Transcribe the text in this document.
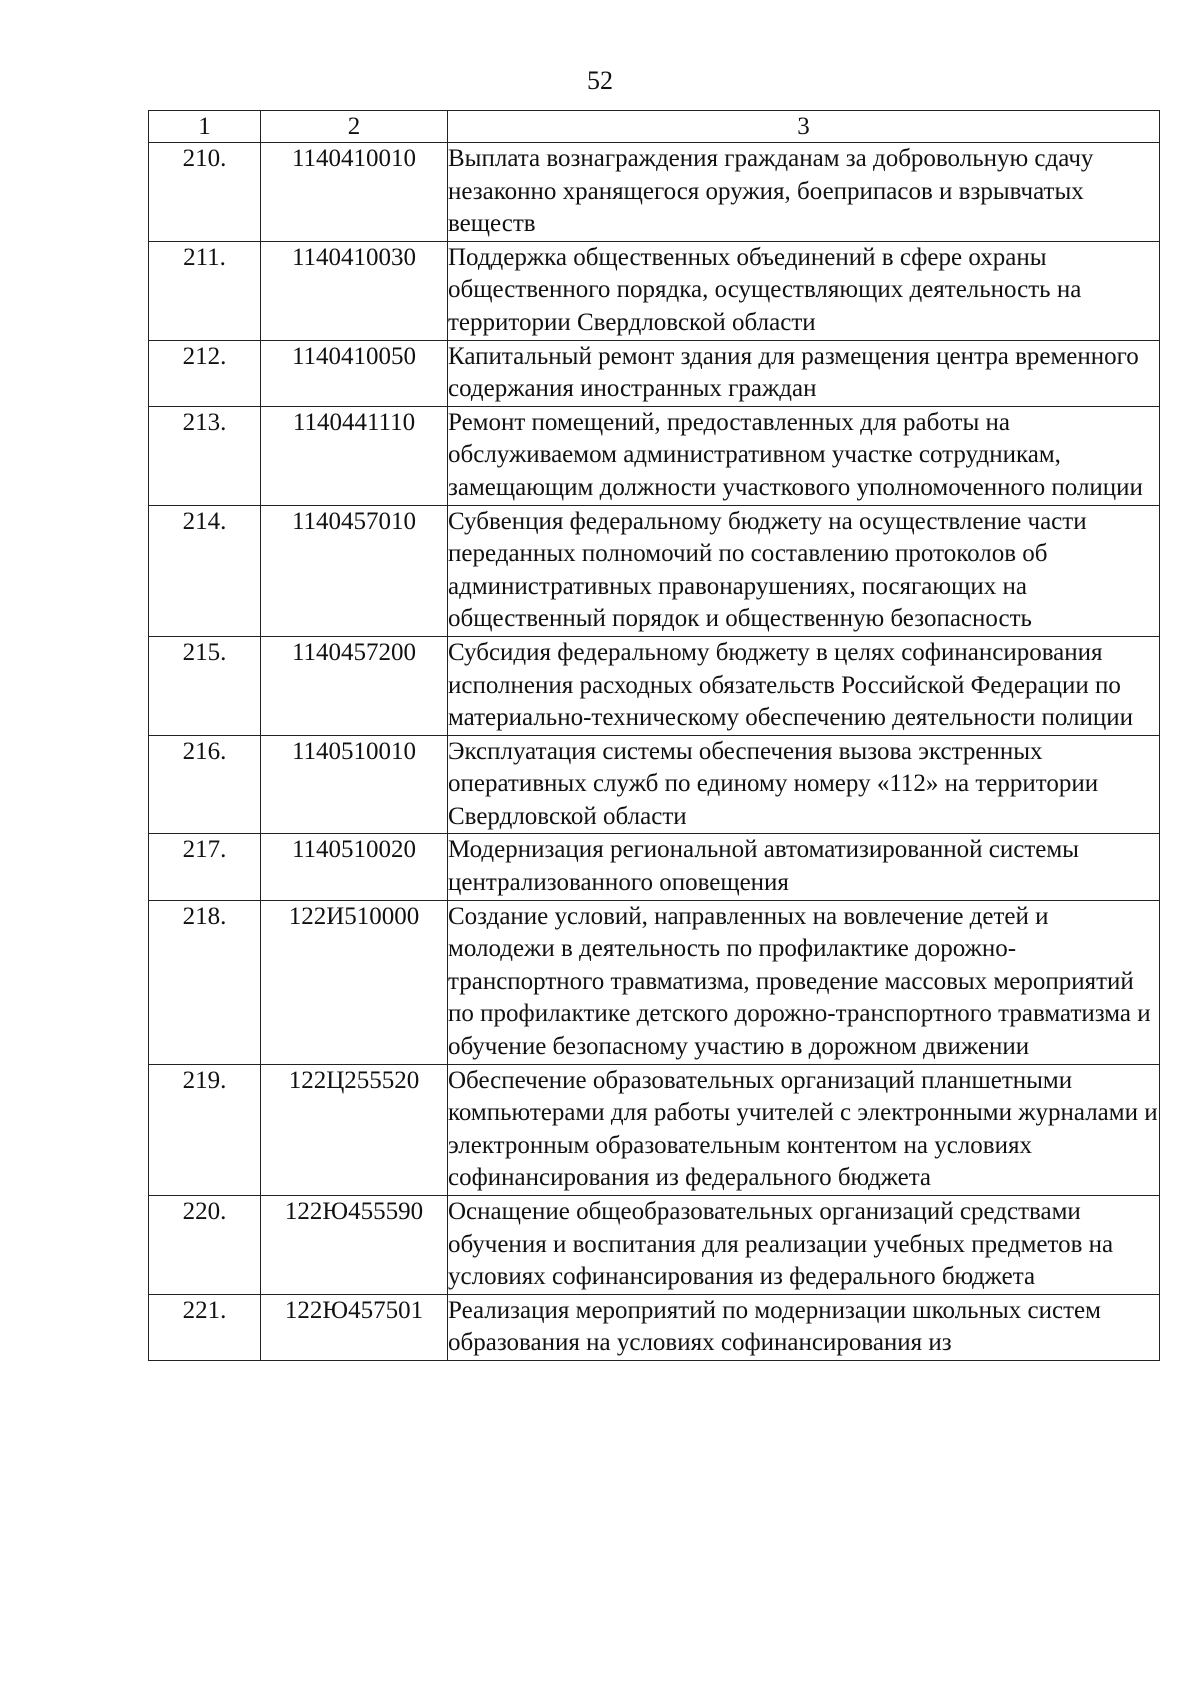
52
1	2	3
210.	1140410010	Выплата вознаграждения гражданам за добровольную сдачу незаконно хранящегося оружия, боеприпасов и взрывчатых веществ
211.	1140410030	Поддержка общественных объединений в сфере охраны общественного порядка, осуществляющих деятельность на территории Свердловской области
212.	1140410050	Капитальный ремонт здания для размещения центра временного содержания иностранных граждан
213.	1140441110	Ремонт помещений, предоставленных для работы на обслуживаемом административном участке сотрудникам, замещающим должности участкового уполномоченного полиции
214.	1140457010	Субвенция федеральному бюджету на осуществление части переданных полномочий по составлению протоколов об административных правонарушениях, посягающих на общественный порядок и общественную безопасность
215.	1140457200	Субсидия федеральному бюджету в целях софинансирования исполнения расходных обязательств Российской Федерации по материально-техническому обеспечению деятельности полиции
216.	1140510010	Эксплуатация системы обеспечения вызова экстренных оперативных служб по единому номеру «112» на территории Свердловской области
217.	1140510020	Модернизация региональной автоматизированной системы централизованного оповещения
218.	122И510000	Создание условий, направленных на вовлечение детей и молодежи в деятельность по профилактике дорожно-транспортного травматизма, проведение массовых мероприятий по профилактике детского дорожно-транспортного травматизма и обучение безопасному участию в дорожном движении
219.	122Ц255520	Обеспечение образовательных организаций планшетными компьютерами для работы учителей с электронными журналами и электронным образовательным контентом на условиях софинансирования из федерального бюджета
220.	122Ю455590	Оснащение общеобразовательных организаций средствами обучения и воспитания для реализации учебных предметов на условиях софинансирования из федерального бюджета
221.	122Ю457501	Реализация мероприятий по модернизации школьных систем образования на условиях софинансирования из
